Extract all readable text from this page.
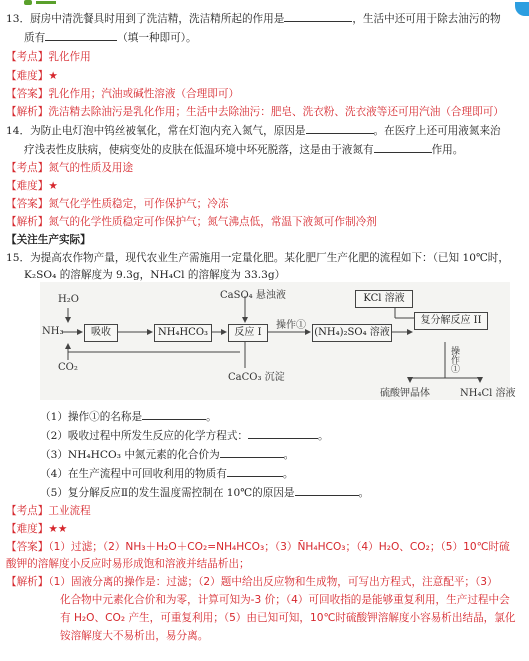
13．厨房中清洗餐具时用到了洗洁精，洗洁精所起的作用是	，生活中还可用于除去油污的物
质有	（填一种即可）。
【考点】乳化作用
【难度】★
【答案】乳化作用；汽油或碱性溶液（合理即可）
【解析】洗洁精去除油污是乳化作用；生活中去除油污：肥皂、洗衣粉、洗衣液等还可用汽油（合理即可）
14．为防止电灯泡中钨丝被氧化，常在灯泡内充入氮气，原因是	。在医疗上还可用液氮来治
疗浅表性皮肤病，使病变处的皮肤在低温环境中坏死脱落，这是由于液氮有	作用。
【考点】氮气的性质及用途
【难度】★
【答案】氮气化学性质稳定，可作保护气；冷冻
【解析】氮气的化学性质稳定可作保护气；氮气沸点低，常温下液氮可作制冷剂
【关注生产实际】
15．为提高农作物产量，现代农业生产需施用一定量化肥。某化肥厂生产化肥的流程如下：（已知 10℃时，
K₂SO₄ 的溶解度为 9.3g，NH₄Cl 的溶解度为 33.3g）
H₂O	CaSO₄ 悬浊液	KCl 溶液
NH₃	吸收	NH₄HCO₃	反应 I
操作①
(NH₄)₂SO₄ 溶液
复分解反应 II
CO₂
CaCO₃ 沉淀
操作①
硫酸钾晶体	NH₄Cl 溶液
（1）操作①的名称是	。
（2）吸收过程中所发生反应的化学方程式：	。
（3）NH₄HCO₃ 中氮元素的化合价为	。
（4）在生产流程中可回收利用的物质有	。
（5）复分解反应Ⅱ的发生温度需控制在 10℃的原因是	。
【考点】工业流程
【难度】★★
【答案】（1）过滤；（2）NH₃＋H₂O＋CO₂=NH₄HCO₃；（3）N̄H₄HCO₃；（4）H₂O、CO₂；（5）10℃时硫
酸钾的溶解度小反应时易形成饱和溶液并结晶析出；
【解析】（1）固液分离的操作是：过滤；（2）题中给出反应物和生成物，可写出方程式，注意配平；（3）
化合物中元素化合价和为零，计算可知为-3 价；（4）可回收指的是能够重复利用，生产过程中会
有 H₂O、CO₂ 产生，可重复利用；（5）由已知可知，10℃时硫酸钾溶解度小容易析出结晶，氯化
铵溶解度大不易析出，易分离。
